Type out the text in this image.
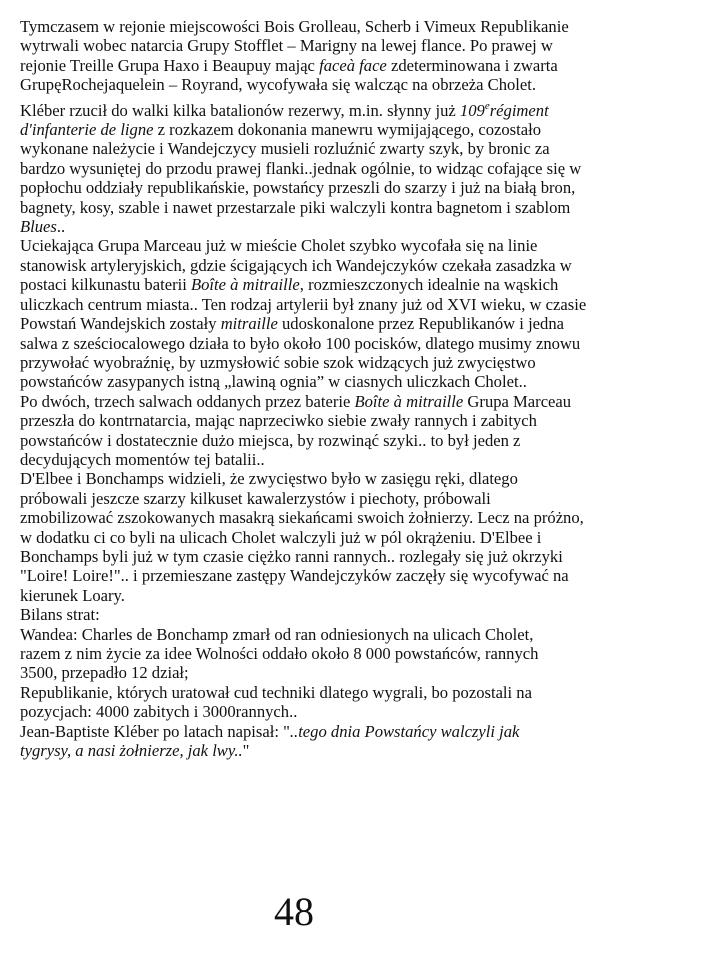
Tymczasem w rejonie miejscowości Bois Grolleau, Scherb i Vimeux Republikanie
wytrwali wobec natarcia Grupy Stofflet – Marigny na lewej flance. Po prawej w
rejonie Treille Grupa Haxo i Beaupuy mając faceà face zdeterminowana i zwarta
GrupęRochejaquelein – Royrand, wycofywała się walcząc na obrzeża Cholet.
Kléber rzucił do walki kilka batalionów rezerwy, m.in. słynny już 109erégiment
d'infanterie de ligne z rozkazem dokonania manewru wymijającego, cozostało
wykonane należycie i Wandejczycy musieli rozluźnić zwarty szyk, by bronic za
bardzo wysuniętej do przodu prawej flanki..jednak ogólnie, to widząc cofające się w
popłochu oddziały republikańskie, powstańcy przeszli do szarzy i już na białą bron,
bagnety, kosy, szable i nawet przestarzale piki walczyli kontra bagnetom i szablom
Blues..
Uciekająca Grupa Marceau już w mieście Cholet szybko wycofała się na linie
stanowisk artyleryjskich, gdzie ścigających ich Wandejczyków czekała zasadzka w
postaci kilkunastu baterii Boîte à mitraille, rozmieszczonych idealnie na wąskich
uliczkach centrum miasta.. Ten rodzaj artylerii był znany już od XVI wieku, w czasie
Powstań Wandejskich zostały mitraille udoskonalone przez Republikanów i jedna
salwa z sześciocalowego działa to było około 100 pocisków, dlatego musimy znowu
przywołać wyobraźnię, by uzmysłowić sobie szok widzących już zwycięstwo
powstańców zasypanych istną „lawiną ognia” w ciasnych uliczkach Cholet..
Po dwóch, trzech salwach oddanych przez baterie Boîte à mitraille Grupa Marceau
przeszła do kontrnatarcia, mając naprzeciwko siebie zwały rannych i zabitych
powstańców i dostatecznie dużo miejsca, by rozwinąć szyki.. to był jeden z
decydujących momentów tej batalii..
D'Elbee i Bonchamps widzieli, że zwycięstwo było w zasięgu ręki, dlatego
próbowali jeszcze szarzy kilkuset kawalerzystów i piechoty, próbowali
zmobilizować zszokowanych masakrą siekańcami swoich żołnierzy. Lecz na próżno,
w dodatku ci co byli na ulicach Cholet walczyli już w pól okrążeniu. D'Elbee i
Bonchamps byli już w tym czasie ciężko ranni rannych.. rozlegały się już okrzyki
"Loire! Loire!".. i przemieszane zastępy Wandejczyków zaczęły się wycofywać na
kierunek Loary.
Bilans strat:
Wandea: Charles de Bonchamp zmarł od ran odniesionych na ulicach Cholet,
razem z nim życie za idee Wolności oddało około 8 000 powstańców, rannych
3500, przepadło 12 dział;
Republikanie, których uratował cud techniki dlatego wygrali, bo pozostali na
pozycjach: 4000 zabitych i 3000rannych..
Jean-Baptiste Kléber po latach napisał: "..tego dnia Powstańcy walczyli jak
tygrysy, a nasi żołnierze, jak lwy.."
48
